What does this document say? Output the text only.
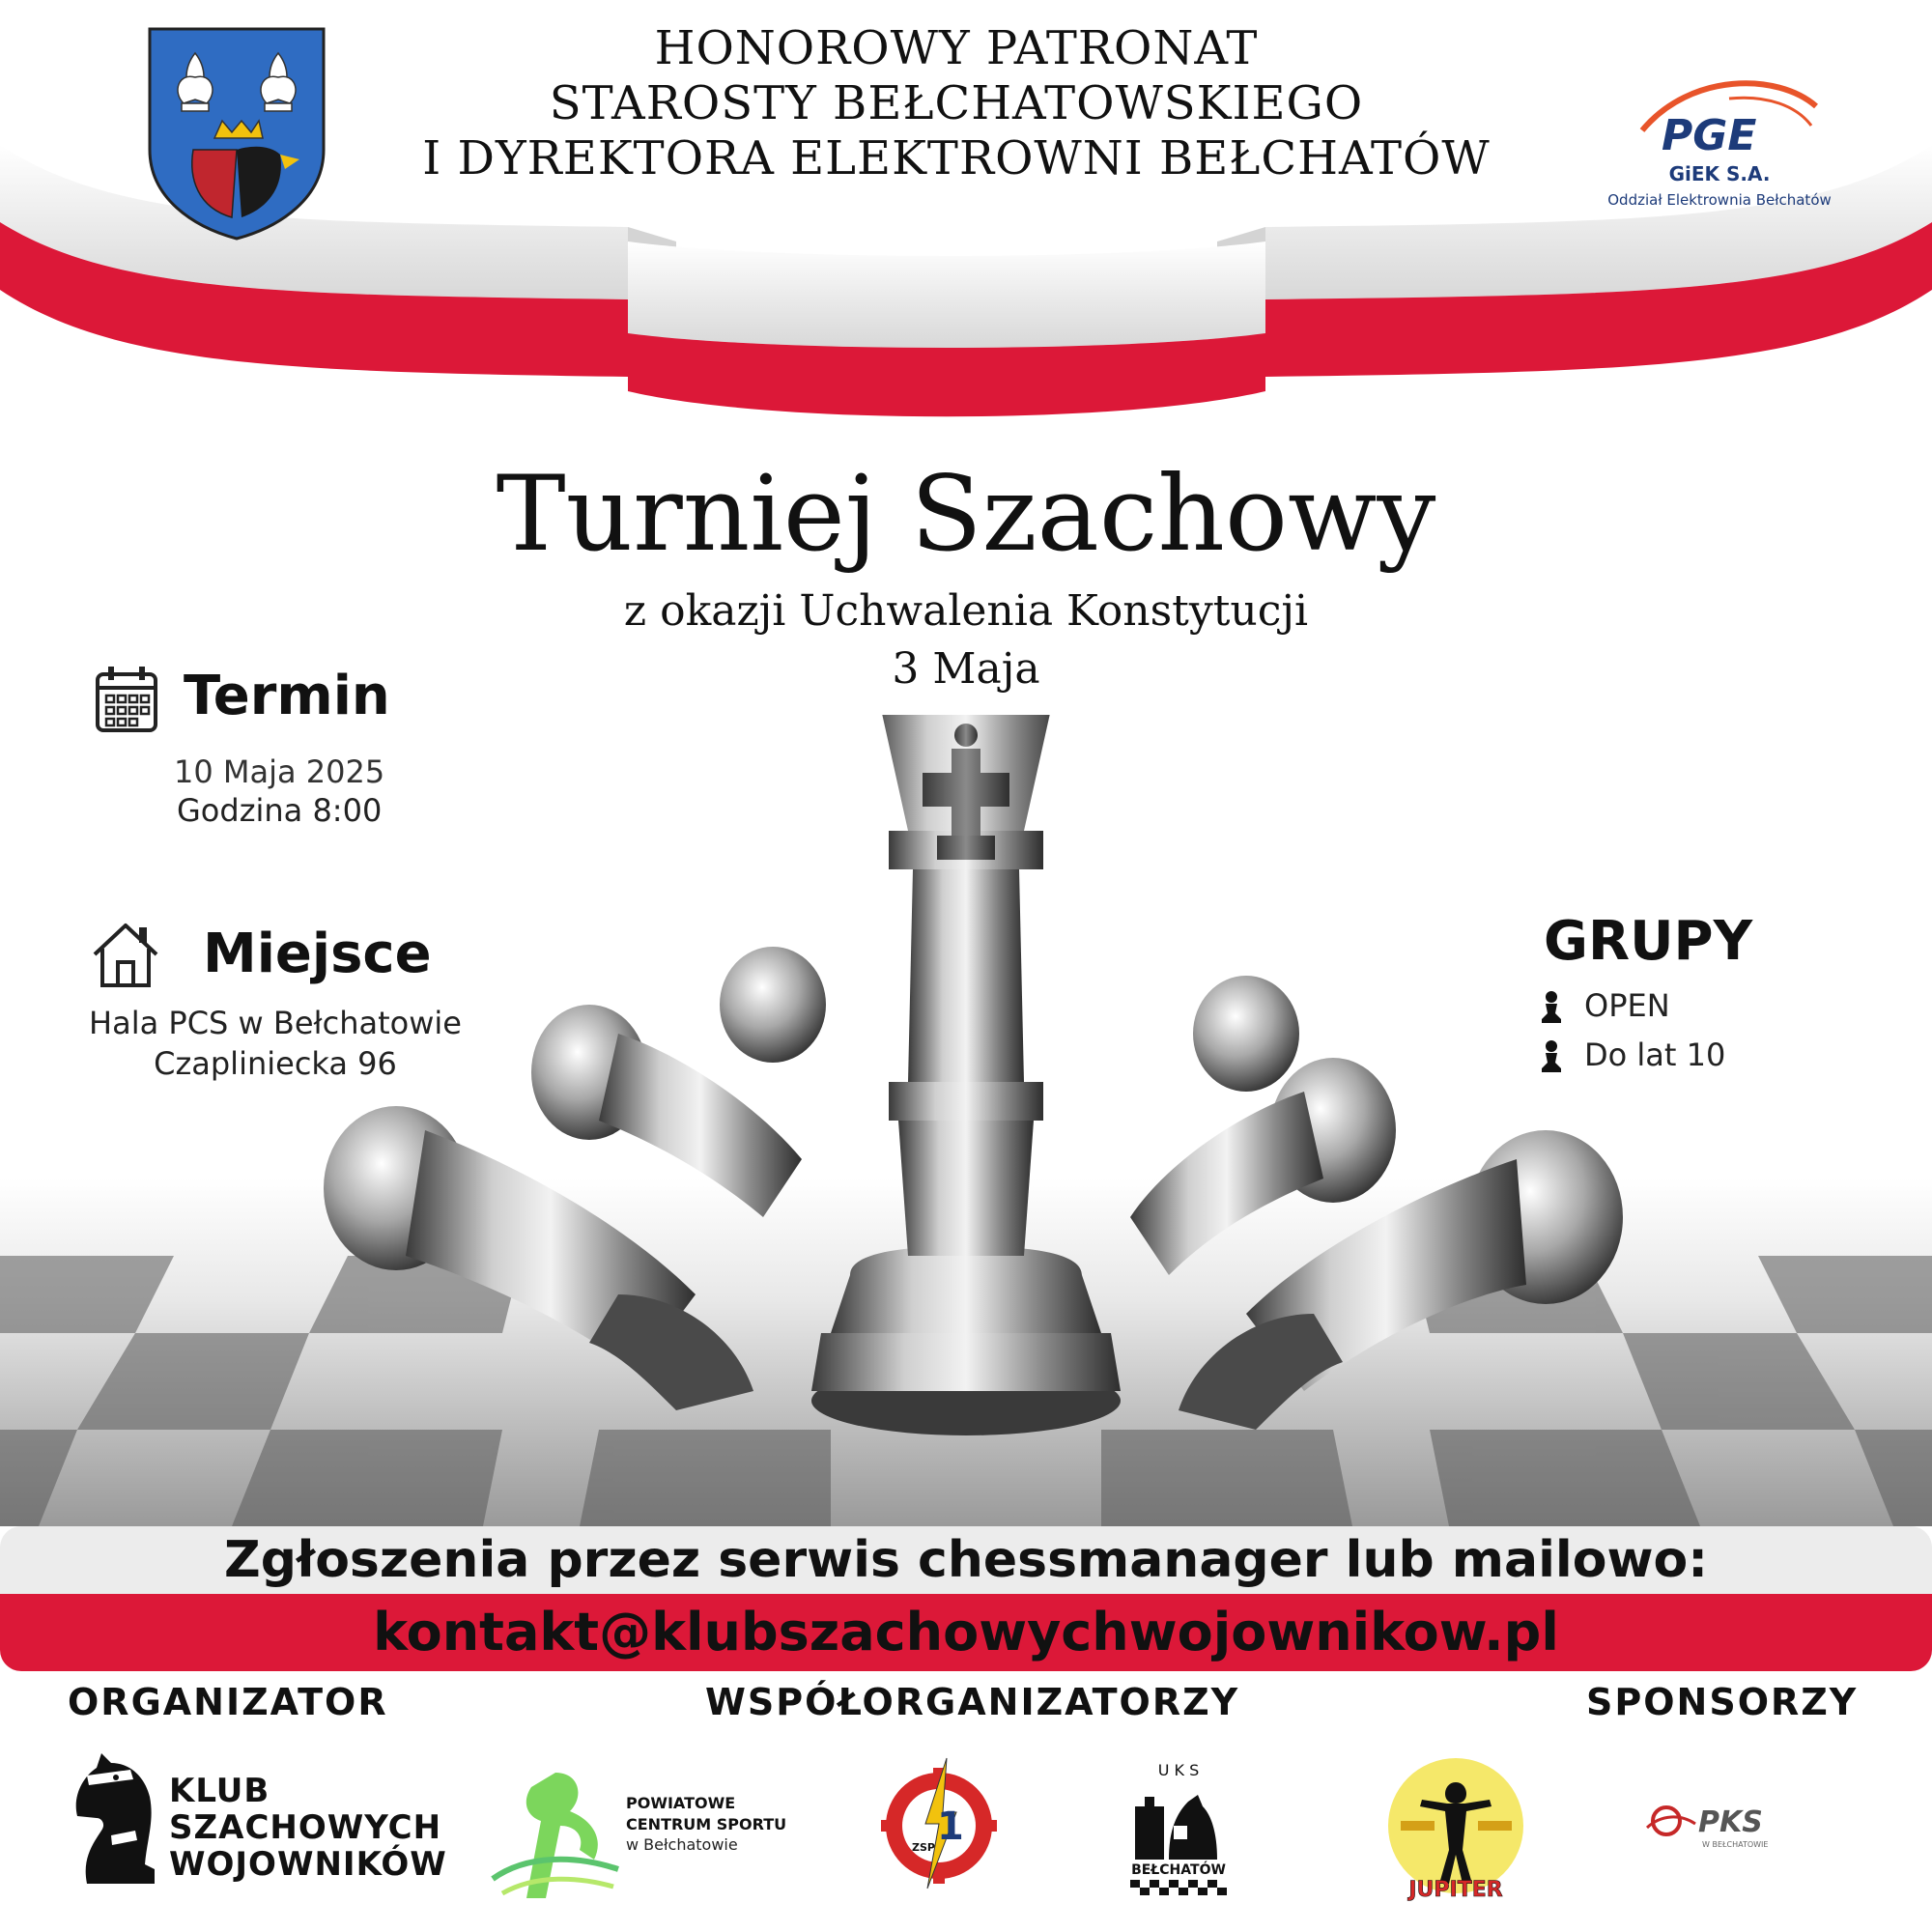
HONOROWY PATRONAT
STAROSTY BEŁCHATOWSKIEGO
I DYREKTORA ELEKTROWNI BEŁCHATÓW	PGE
GiEK S.A.
Oddział Elektrownia Bełchatów
Turniej Szachowy
z okazji Uchwalenia Konstytucji
3 Maja
Termin
10 Maja 2025
Godzina 8:00
Miejsce
Hala PCS w Bełchatowie
Czapliniecka 96
GRUPY
OPEN
Do lat 10
Zgłoszenia przez serwis chessmanager lub mailowo:
kontakt@klubszachowychwojownikow.pl
ORGANIZATOR	WSPÓŁORGANIZATORZY	SPONSORZY
KLUB
SZACHOWYCH
WOJOWNIKÓW
POWIATOWE
CENTRUM SPORTU
w Bełchatowie	1
ZSP
U K S
BEŁCHATÓW
JUPITER
PKS
W BEŁCHATOWIE
